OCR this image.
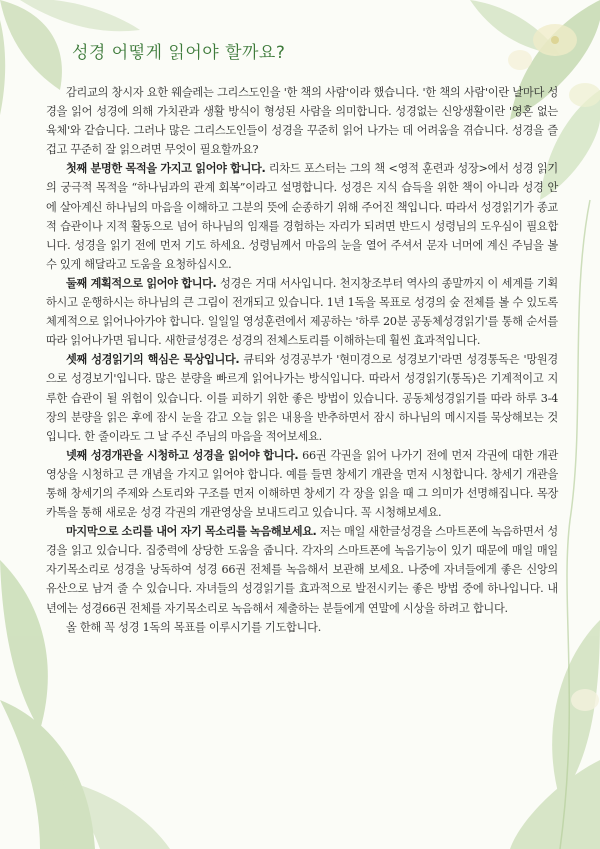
성경 어떻게 읽어야 할까요?

감리교의 창시자 요한 웨슬레는 그리스도인을 '한 책의 사람'이라 했습니다. '한 책의 사람'이란 날마다 성경을 읽어 성경에 의해 가치관과 생활 방식이 형성된 사람을 의미합니다. 성경없는 신앙생활이란 '영혼 없는 육체'와 같습니다. 그러나 많은 그리스도인들이 성경을 꾸준히 읽어 나가는 데 어려움을 겪습니다. 성경을 즐겁고 꾸준히 잘 읽으려면 무엇이 필요할까요?

첫째 분명한 목적을 가지고 읽어야 합니다. 리차드 포스터는 그의 책 <영적 훈련과 성장>에서 성경 읽기의 궁극적 목적을 “하나님과의 관계 회복”이라고 설명합니다. 성경은 지식 습득을 위한 책이 아니라 성경 안에 살아계신 하나님의 마음을 이해하고 그분의 뜻에 순종하기 위해 주어진 책입니다. 따라서 성경읽기가 종교적 습관이나 지적 활동으로 넘어 하나님의 임재를 경험하는 자리가 되려면 반드시 성령님의 도우심이 필요합니다. 성경을 읽기 전에 먼저 기도 하세요. 성령님께서 마음의 눈을 열어 주셔서 문자 너머에 계신 주님을 볼 수 있게 해달라고 도움을 요청하십시오.

둘째 계획적으로 읽어야 합니다. 성경은 거대 서사입니다. 천지창조부터 역사의 종말까지 이 세계를 기획하시고 운행하시는 하나님의 큰 그림이 전개되고 있습니다. 1년 1독을 목표로 성경의 숲 전체를 볼 수 있도록 체계적으로 읽어나아가야 합니다. 일일일 영성훈련에서 제공하는 '하루 20분 공동체성경읽기'를 통해 순서를 따라 읽어나가면 됩니다. 새한글성경은 성경의 전체스토리를 이해하는데 훨씬 효과적입니다.

셋째 성경읽기의 핵심은 묵상입니다. 큐티와 성경공부가 '현미경으로 성경보기'라면 성경통독은 '망원경으로 성경보기'입니다. 많은 분량을 빠르게 읽어나가는 방식입니다. 따라서 성경읽기(통독)은 기계적이고 지루한 습관이 될 위험이 있습니다. 이를 피하기 위한 좋은 방법이 있습니다. 공동체성경읽기를 따라 하루 3-4장의 분량을 읽은 후에 잠시 눈을 감고 오늘 읽은 내용을 반추하면서 잠시 하나님의 메시지를 묵상해보는 것입니다. 한 줄이라도 그 날 주신 주님의 마음을 적어보세요.

넷째 성경개관을 시청하고 성경을 읽어야 합니다. 66권 각권을 읽어 나가기 전에 먼저 각권에 대한 개관영상을 시청하고 큰 개념을 가지고 읽어야 합니다. 예를 들면 창세기 개관을 먼저 시청합니다. 창세기 개관을 통해 창세기의 주제와 스토리와 구조를 먼저 이해하면 창세기 각 장을 읽을 때 그 의미가 선명해집니다. 목장 카톡을 통해 새로운 성경 각권의 개관영상을 보내드리고 있습니다. 꼭 시청해보세요.

마지막으로 소리를 내어 자기 목소리를 녹음해보세요. 저는 매일 새한글성경을 스마트폰에 녹음하면서 성경을 읽고 있습니다. 집중력에 상당한 도움을 줍니다. 각자의 스마트폰에 녹음기능이 있기 때문에 매일 매일 자기목소리로 성경을 낭독하여 성경 66권 전체를 녹음해서 보관해 보세요. 나중에 자녀들에게 좋은 신앙의 유산으로 남겨 줄 수 있습니다. 자녀들의 성경읽기를 효과적으로 발전시키는 좋은 방법 중에 하나입니다. 내년에는 성경66권 전체를 자기목소리로 녹음해서 제출하는 분들에게 연말에 시상을 하려고 합니다.

올 한해 꼭 성경 1독의 목표를 이루시기를 기도합니다.
